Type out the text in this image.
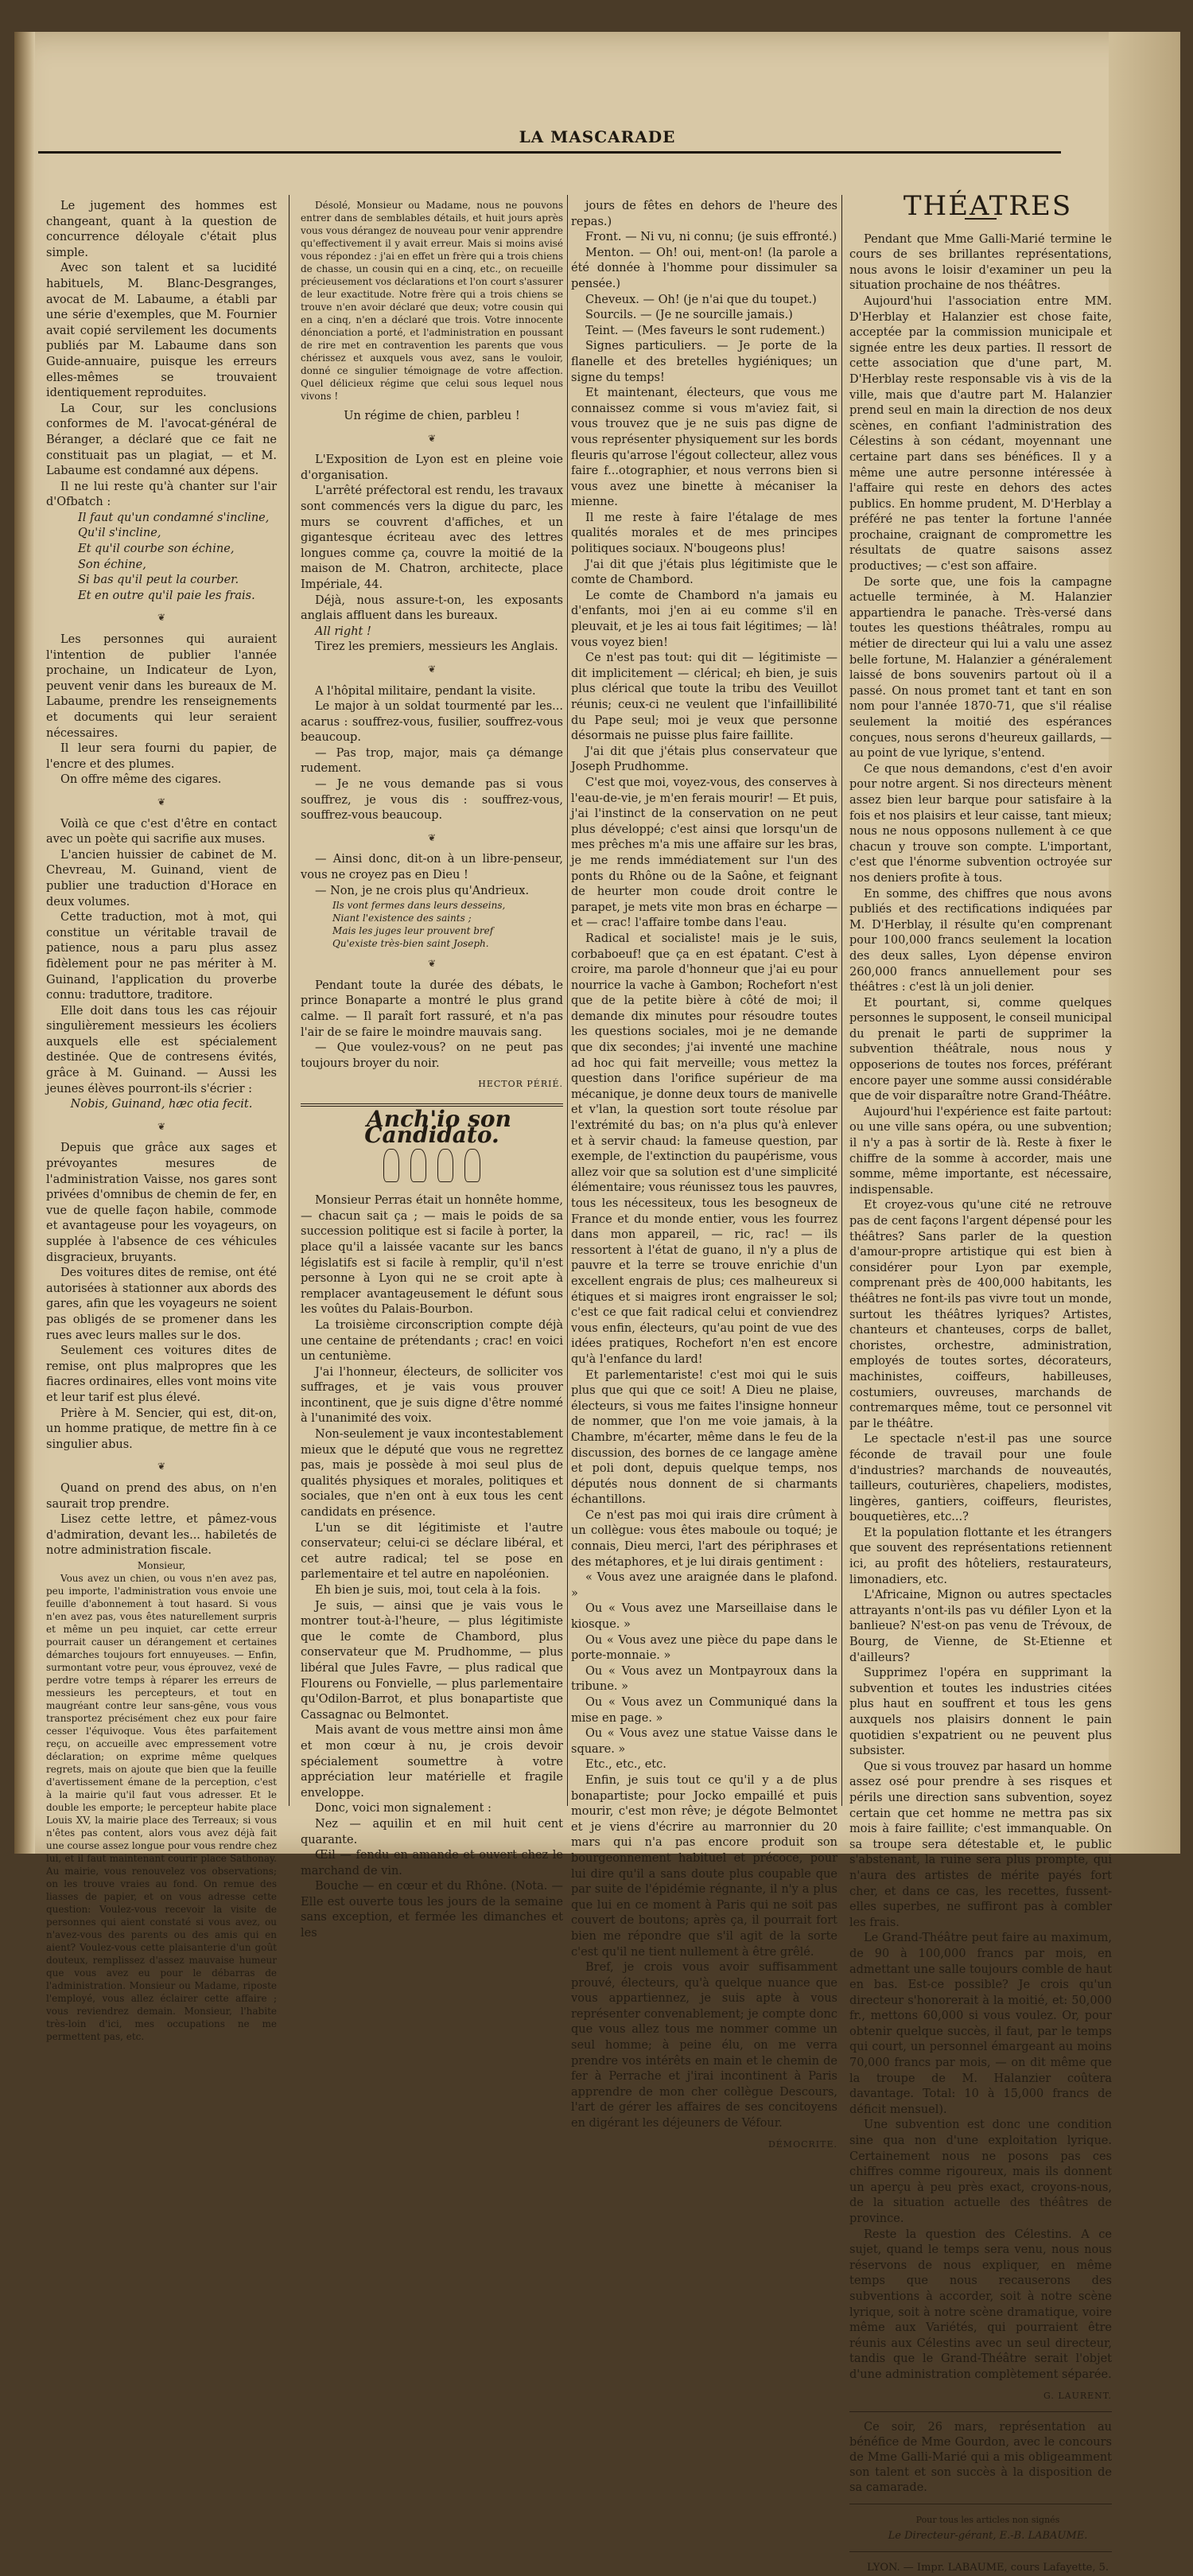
LA MASCARADE

Le jugement des hommes est changeant, quant à la question de concurrence déloyale c'était plus simple.

Avec son talent et sa lucidité habituels, M. Blanc-Desgranges, avocat de M. Labaume, a établi par une série d'exemples, que M. Fournier avait copié servilement les documents publiés par M. Labaume dans son Guide-annuaire, puisque les erreurs elles-mêmes se trouvaient identiquement reproduites.

La Cour, sur les conclusions conformes de M. l'avocat-général de Béranger, a déclaré que ce fait ne constituait pas un plagiat, — et M. Labaume est condamné aux dépens.

Il ne lui reste qu'à chanter sur l'air d'Ofbatch :

Il faut qu'un condamné s'incline,

Qu'il s'incline,

Et qu'il courbe son échine,

Son échine,

Si bas qu'il peut la courber.

Et en outre qu'il paie les frais.

❦

Les personnes qui auraient l'intention de publier l'année prochaine, un Indicateur de Lyon, peuvent venir dans les bureaux de M. Labaume, prendre les renseignements et documents qui leur seraient nécessaires.

Il leur sera fourni du papier, de l'encre et des plumes.

On offre même des cigares.

❦

Voilà ce que c'est d'être en contact avec un poète qui sacrifie aux muses.

L'ancien huissier de cabinet de M. Chevreau, M. Guinand, vient de publier une traduction d'Horace en deux volumes.

Cette traduction, mot à mot, qui constitue un véritable travail de patience, nous a paru plus assez fidèlement pour ne pas mériter à M. Guinand, l'application du proverbe connu: traduttore, traditore.

Elle doit dans tous les cas réjouir singulièrement messieurs les écoliers auxquels elle est spécialement destinée. Que de contresens évités, grâce à M. Guinand. — Aussi les jeunes élèves pourront-ils s'écrier :

Nobis, Guinand, hæc otia fecit.

❦

Depuis que grâce aux sages et prévoyantes mesures de l'administration Vaisse, nos gares sont privées d'omnibus de chemin de fer, en vue de quelle façon habile, commode et avantageuse pour les voyageurs, on supplée à l'absence de ces véhicules disgracieux, bruyants.

Des voitures dites de remise, ont été autorisées à stationner aux abords des gares, afin que les voyageurs ne soient pas obligés de se promener dans les rues avec leurs malles sur le dos.

Seulement ces voitures dites de remise, ont plus malpropres que les fiacres ordinaires, elles vont moins vite et leur tarif est plus élevé.

Prière à M. Sencier, qui est, dit-on, un homme pratique, de mettre fin à ce singulier abus.

❦

Quand on prend des abus, on n'en saurait trop prendre.

Lisez cette lettre, et pâmez-vous d'admiration, devant les... habiletés de notre administration fiscale.

Monsieur,

Vous avez un chien, ou vous n'en avez pas, peu importe, l'administration vous envoie une feuille d'abonnement à tout hasard. Si vous n'en avez pas, vous êtes naturellement surpris et même un peu inquiet, car cette erreur pourrait causer un dérangement et certaines démarches toujours fort ennuyeuses. — Enfin, surmontant votre peur, vous éprouvez, vexé de perdre votre temps à réparer les erreurs de messieurs les percepteurs, et tout en maugréant contre leur sans-gêne, vous vous transportez précisément chez eux pour faire cesser l'équivoque. Vous êtes parfaitement reçu, on accueille avec empressement votre déclaration; on exprime même quelques regrets, mais on ajoute que bien que la feuille d'avertissement émane de la perception, c'est à la mairie qu'il faut vous adresser. Et le double les emporte; le percepteur habite place Louis XV, la mairie place des Terreaux; si vous n'êtes pas content, alors vous avez déjà fait une course assez longue pour vous rendre chez lui, et il faut maintenant courir place Sathonay. Au mairie, vous renouvelez vos observations; on les trouve vraies au fond. On remue des liasses de papier, et on vous adresse cette question: Voulez-vous recevoir la visite de personnes qui aient constaté si vous avez, ou n'avez-vous des parents ou des amis qui en aient? Voulez-vous cette plaisanterie d'un goût douteux, remplissez d'assez mauvaise humeur que vous avez eu pour le débarras de l'administration. Monsieur ou Madame, riposte l'employé, vous allez éclairer cette affaire ; vous reviendrez demain. Monsieur, l'habite très-loin d'ici, mes occupations ne me permettent pas, etc.

Désolé, Monsieur ou Madame, nous ne pouvons entrer dans de semblables détails, et huit jours après vous vous dérangez de nouveau pour venir apprendre qu'effectivement il y avait erreur. Mais si moins avisé vous répondez : j'ai en effet un frère qui a trois chiens de chasse, un cousin qui en a cinq, etc., on recueille précieusement vos déclarations et l'on court s'assurer de leur exactitude. Notre frère qui a trois chiens se trouve n'en avoir déclaré que deux; votre cousin qui en a cinq, n'en a déclaré que trois. Votre innocente dénonciation a porté, et l'administration en poussant de rire met en contravention les parents que vous chérissez et auxquels vous avez, sans le vouloir, donné ce singulier témoignage de votre affection. Quel délicieux régime que celui sous lequel nous vivons !

Un régime de chien, parbleu !

❦

L'Exposition de Lyon est en pleine voie d'organisation.

L'arrêté préfectoral est rendu, les travaux sont commencés vers la digue du parc, les murs se couvrent d'affiches, et un gigantesque écriteau avec des lettres longues comme ça, couvre la moitié de la maison de M. Chatron, architecte, place Impériale, 44.

Déjà, nous assure-t-on, les exposants anglais affluent dans les bureaux.

All right !

Tirez les premiers, messieurs les Anglais.

❦

A l'hôpital militaire, pendant la visite.

Le major à un soldat tourmenté par les... acarus : souffrez-vous, fusilier, souffrez-vous beaucoup.

— Pas trop, major, mais ça démange rudement.

— Je ne vous demande pas si vous souffrez, je vous dis : souffrez-vous, souffrez-vous beaucoup.

❦

— Ainsi donc, dit-on à un libre-penseur, vous ne croyez pas en Dieu !

— Non, je ne crois plus qu'Andrieux.

Ils vont fermes dans leurs desseins,

Niant l'existence des saints ;

Mais les juges leur prouvent bref

Qu'existe très-bien saint Joseph.

❦

Pendant toute la durée des débats, le prince Bonaparte a montré le plus grand calme. — Il paraît fort rassuré, et n'a pas l'air de se faire le moindre mauvais sang.

— Que voulez-vous? on ne peut pas toujours broyer du noir.

HECTOR PÉRIÉ.

Anch'io son Candidato.

Monsieur Perras était un honnête homme, — chacun sait ça ; — mais le poids de sa succession politique est si facile à porter, la place qu'il a laissée vacante sur les bancs législatifs est si facile à remplir, qu'il n'est personne à Lyon qui ne se croit apte à remplacer avantageusement le défunt sous les voûtes du Palais-Bourbon.

La troisième circonscription compte déjà une centaine de prétendants ; crac! en voici un centunième.

J'ai l'honneur, électeurs, de solliciter vos suffrages, et je vais vous prouver incontinent, que je suis digne d'être nommé à l'unanimité des voix.

Non-seulement je vaux incontestablement mieux que le député que vous ne regrettez pas, mais je possède à moi seul plus de qualités physiques et morales, politiques et sociales, que n'en ont à eux tous les cent candidats en présence.

L'un se dit légitimiste et l'autre conservateur; celui-ci se déclare libéral, et cet autre radical; tel se pose en parlementaire et tel autre en napoléonien.

Eh bien je suis, moi, tout cela à la fois.

Je suis, — ainsi que je vais vous le montrer tout-à-l'heure, — plus légitimiste que le comte de Chambord, plus conservateur que M. Prudhomme, — plus libéral que Jules Favre, — plus radical que Flourens ou Fonvielle, — plus parlementaire qu'Odilon-Barrot, et plus bonapartiste que Cassagnac ou Belmontet.

Mais avant de vous mettre ainsi mon âme et mon cœur à nu, je crois devoir spécialement soumettre à votre appréciation leur matérielle et fragile enveloppe.

Donc, voici mon signalement :

Nez — aquilin et en mil huit cent quarante.

Œil — fendu en amande et ouvert chez le marchand de vin.

Bouche — en cœur et du Rhône. (Nota. — Elle est ouverte tous les jours de la semaine sans exception, et fermée les dimanches et les

jours de fêtes en dehors de l'heure des repas.)

Front. — Ni vu, ni connu; (je suis effronté.)

Menton. — Oh! oui, ment-on! (la parole a été donnée à l'homme pour dissimuler sa pensée.)

Cheveux. — Oh! (je n'ai que du toupet.)

Sourcils. — (Je ne sourcille jamais.)

Teint. — (Mes faveurs le sont rudement.)

Signes particuliers. — Je porte de la flanelle et des bretelles hygiéniques; un signe du temps!

Et maintenant, électeurs, que vous me connaissez comme si vous m'aviez fait, si vous trouvez que je ne suis pas digne de vous représenter physiquement sur les bords fleuris qu'arrose l'égout collecteur, allez vous faire f...otographier, et nous verrons bien si vous avez une binette à mécaniser la mienne.

Il me reste à faire l'étalage de mes qualités morales et de mes principes politiques sociaux. N'bougeons plus!

J'ai dit que j'étais plus légitimiste que le comte de Chambord.

Le comte de Chambord n'a jamais eu d'enfants, moi j'en ai eu comme s'il en pleuvait, et je les ai tous fait légitimes; — là! vous voyez bien!

Ce n'est pas tout: qui dit — légitimiste — dit implicitement — clérical; eh bien, je suis plus clérical que toute la tribu des Veuillot réunis; ceux-ci ne veulent que l'infaillibilité du Pape seul; moi je veux que personne désormais ne puisse plus faire faillite.

J'ai dit que j'étais plus conservateur que Joseph Prudhomme.

C'est que moi, voyez-vous, des conserves à l'eau-de-vie, je m'en ferais mourir! — Et puis, j'ai l'instinct de la conservation on ne peut plus développé; c'est ainsi que lorsqu'un de mes prêches m'a mis une affaire sur les bras, je me rends immédiatement sur l'un des ponts du Rhône ou de la Saône, et feignant de heurter mon coude droit contre le parapet, je mets vite mon bras en écharpe — et — crac! l'affaire tombe dans l'eau.

Radical et socialiste! mais je le suis, corbaboeuf! que ça en est épatant. C'est à croire, ma parole d'honneur que j'ai eu pour nourrice la vache à Gambon; Rochefort n'est que de la petite bière à côté de moi; il demande dix minutes pour résoudre toutes les questions sociales, moi je ne demande que dix secondes; j'ai inventé une machine ad hoc qui fait merveille; vous mettez la question dans l'orifice supérieur de ma mécanique, je donne deux tours de manivelle et v'lan, la question sort toute résolue par l'extrémité du bas; on n'a plus qu'à enlever et à servir chaud: la fameuse question, par exemple, de l'extinction du paupérisme, vous allez voir que sa solution est d'une simplicité élémentaire; vous réunissez tous les pauvres, tous les nécessiteux, tous les besogneux de France et du monde entier, vous les fourrez dans mon appareil, — ric, rac! — ils ressortent à l'état de guano, il n'y a plus de pauvre et la terre se trouve enrichie d'un excellent engrais de plus; ces malheureux si étiques et si maigres iront engraisser le sol; c'est ce que fait radical celui et conviendrez vous enfin, électeurs, qu'au point de vue des idées pratiques, Rochefort n'en est encore qu'à l'enfance du lard!

Et parlementariste! c'est moi qui le suis plus que qui que ce soit! A Dieu ne plaise, électeurs, si vous me faites l'insigne honneur de nommer, que l'on me voie jamais, à la Chambre, m'écarter, même dans le feu de la discussion, des bornes de ce langage amène et poli dont, depuis quelque temps, nos députés nous donnent de si charmants échantillons.

Ce n'est pas moi qui irais dire crûment à un collègue: vous êtes maboule ou toqué; je connais, Dieu merci, l'art des périphrases et des métaphores, et je lui dirais gentiment :

« Vous avez une araignée dans le plafond. »

Ou « Vous avez une Marseillaise dans le kiosque. »

Ou « Vous avez une pièce du pape dans le porte-monnaie. »

Ou « Vous avez un Montpayroux dans la tribune. »

Ou « Vous avez un Communiqué dans la mise en page. »

Ou « Vous avez une statue Vaisse dans le square. »

Etc., etc., etc.

Enfin, je suis tout ce qu'il y a de plus bonapartiste; pour Jocko empaillé et puis mourir, c'est mon rêve; je dégote Belmontet et je viens d'écrire au marronnier du 20 mars qui n'a pas encore produit son bourgeonnement habituel et précoce, pour lui dire qu'il a sans doute plus coupable que par suite de l'épidémie régnante, il n'y a plus que lui en ce moment à Paris qui ne soit pas couvert de boutons; après ça, il pourrait fort bien me répondre que s'il agit de la sorte c'est qu'il ne tient nullement à être grêlé.

Bref, je crois vous avoir suffisamment prouvé, électeurs, qu'à quelque nuance que vous appartiennez, je suis apte à vous représenter convenablement; je compte donc que vous allez tous me nommer comme un seul homme; à peine élu, on me verra prendre vos intérêts en main et le chemin de fer à Perrache et j'irai incontinent à Paris apprendre de mon cher collègue Descours, l'art de gérer les affaires de ses concitoyens en digérant les déjeuners de Véfour.

DÉMOCRITE.

THÉATRES

Pendant que Mme Galli-Marié termine le cours de ses brillantes représentations, nous avons le loisir d'examiner un peu la situation prochaine de nos théâtres.

Aujourd'hui l'association entre MM. D'Herblay et Halanzier est chose faite, acceptée par la commission municipale et signée entre les deux parties. Il ressort de cette association que d'une part, M. D'Herblay reste responsable vis à vis de la ville, mais que d'autre part M. Halanzier prend seul en main la direction de nos deux scènes, en confiant l'administration des Célestins à son cédant, moyennant une certaine part dans ses bénéfices. Il y a même une autre personne intéressée à l'affaire qui reste en dehors des actes publics. En homme prudent, M. D'Herblay a préféré ne pas tenter la fortune l'année prochaine, craignant de compromettre les résultats de quatre saisons assez productives; — c'est son affaire.

De sorte que, une fois la campagne actuelle terminée, à M. Halanzier appartiendra le panache. Très-versé dans toutes les questions théâtrales, rompu au métier de directeur qui lui a valu une assez belle fortune, M. Halanzier a généralement laissé de bons souvenirs partout où il a passé. On nous promet tant et tant en son nom pour l'année 1870-71, que s'il réalise seulement la moitié des espérances conçues, nous serons d'heureux gaillards, — au point de vue lyrique, s'entend.

Ce que nous demandons, c'est d'en avoir pour notre argent. Si nos directeurs mènent assez bien leur barque pour satisfaire à la fois et nos plaisirs et leur caisse, tant mieux; nous ne nous opposons nullement à ce que chacun y trouve son compte. L'important, c'est que l'énorme subvention octroyée sur nos deniers profite à tous.

En somme, des chiffres que nous avons publiés et des rectifications indiquées par M. D'Herblay, il résulte qu'en comprenant pour 100,000 francs seulement la location des deux salles, Lyon dépense environ 260,000 francs annuellement pour ses théâtres : c'est là un joli denier.

Et pourtant, si, comme quelques personnes le supposent, le conseil municipal du prenait le parti de supprimer la subvention théâtrale, nous nous y opposerions de toutes nos forces, préférant encore payer une somme aussi considérable que de voir disparaître notre Grand-Théâtre.

Aujourd'hui l'expérience est faite partout: ou une ville sans opéra, ou une subvention; il n'y a pas à sortir de là. Reste à fixer le chiffre de la somme à accorder, mais une somme, même importante, est nécessaire, indispensable.

Et croyez-vous qu'une cité ne retrouve pas de cent façons l'argent dépensé pour les théâtres? Sans parler de la question d'amour-propre artistique qui est bien à considérer pour Lyon par exemple, comprenant près de 400,000 habitants, les théâtres ne font-ils pas vivre tout un monde, surtout les théâtres lyriques? Artistes, chanteurs et chanteuses, corps de ballet, choristes, orchestre, administration, employés de toutes sortes, décorateurs, machinistes, coiffeurs, habilleuses, costumiers, ouvreuses, marchands de contremarques même, tout ce personnel vit par le théâtre.

Le spectacle n'est-il pas une source féconde de travail pour une foule d'industries? marchands de nouveautés, tailleurs, couturières, chapeliers, modistes, lingères, gantiers, coiffeurs, fleuristes, bouquetières, etc...?

Et la population flottante et les étrangers que souvent des représentations retiennent ici, au profit des hôteliers, restaurateurs, limonadiers, etc.

L'Africaine, Mignon ou autres spectacles attrayants n'ont-ils pas vu défiler Lyon et la banlieue? N'est-on pas venu de Trévoux, de Bourg, de Vienne, de St-Etienne et d'ailleurs?

Supprimez l'opéra en supprimant la subvention et toutes les industries citées plus haut en souffrent et tous les gens auxquels nos plaisirs donnent le pain quotidien s'expatrient ou ne peuvent plus subsister.

Que si vous trouvez par hasard un homme assez osé pour prendre à ses risques et périls une direction sans subvention, soyez certain que cet homme ne mettra pas six mois à faire faillite; c'est immanquable. On sa troupe sera détestable et, le public s'abstenant, la ruine sera plus prompte, qui n'aura des artistes de mérite payés fort cher, et dans ce cas, les recettes, fussent-elles superbes, ne suffiront pas à combler les frais.

Le Grand-Théâtre peut faire au maximum, de 90 à 100,000 francs par mois, en admettant une salle toujours comble de haut en bas. Est-ce possible? Je crois qu'un directeur s'honorerait à la moitié, et: 50,000 fr., mettons 60,000 si vous voulez. Or, pour obtenir quelque succès, il faut, par le temps qui court, un personnel émargeant au moins 70,000 francs par mois, — on dit même que la troupe de M. Halanzier coûtera davantage. Total: 10 à 15,000 francs de déficit mensuel).

Une subvention est donc une condition sine qua non d'une exploitation lyrique. Certainement nous ne posons pas ces chiffres comme rigoureux, mais ils donnent un aperçu à peu près exact, croyons-nous, de la situation actuelle des théâtres de province.

Reste la question des Célestins. A ce sujet, quand le temps sera venu, nous nous réservons de nous expliquer, en même temps que nous recauserons des subventions à accorder, soit à notre scène lyrique, soit à notre scène dramatique, voire même aux Variétés, qui pourraient être réunis aux Célestins avec un seul directeur, tandis que le Grand-Théâtre serait l'objet d'une administration complètement séparée.

G. LAURENT.

Ce soir, 26 mars, représentation au bénéfice de Mme Gourdon, avec le concours de Mme Galli-Marié qui a mis obligeamment son talent et son succès à la disposition de sa camarade.

Pour tous les articles non signés

Le Directeur-gérant, E.-B. LABAUME.

LYON. — Impr. LABAUME, cours Lafayette, 5.
